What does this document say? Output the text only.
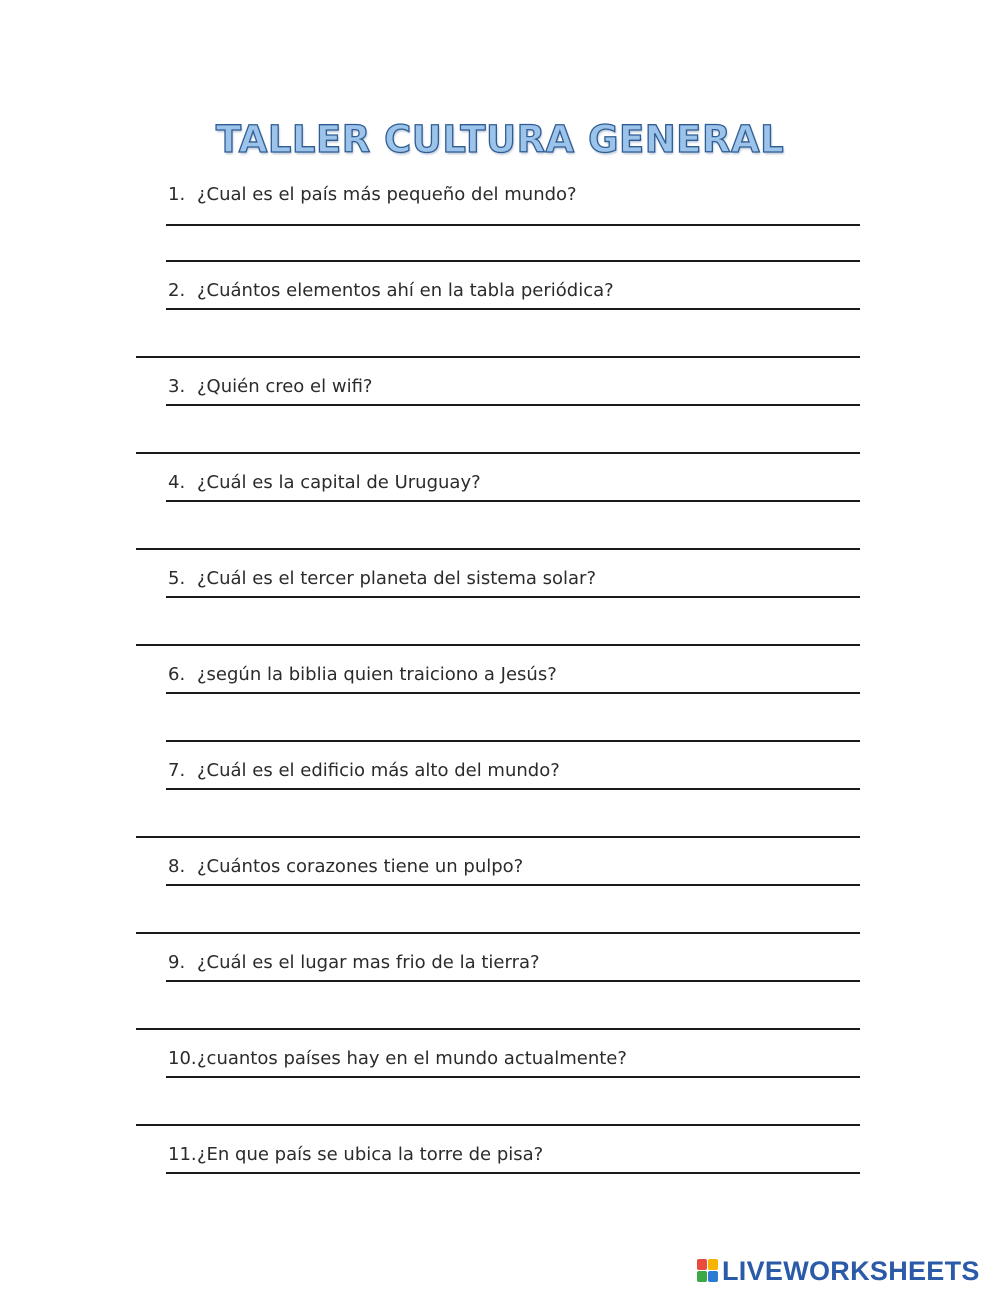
TALLER CULTURA GENERAL
1. ¿Cual es el país más pequeño del mundo?
2. ¿Cuántos elementos ahí en la tabla periódica?
3. ¿Quién creo el wifi?
4. ¿Cuál es la capital de Uruguay?
5. ¿Cuál es el tercer planeta del sistema solar?
6. ¿según la biblia quien traiciono a Jesús?
7. ¿Cuál es el edificio más alto del mundo?
8. ¿Cuántos corazones tiene un pulpo?
9. ¿Cuál es el lugar mas frio de la tierra?
10.¿cuantos países hay en el mundo actualmente?
11.¿En que país se ubica la torre de pisa?
LIVEWORKSHEETS
